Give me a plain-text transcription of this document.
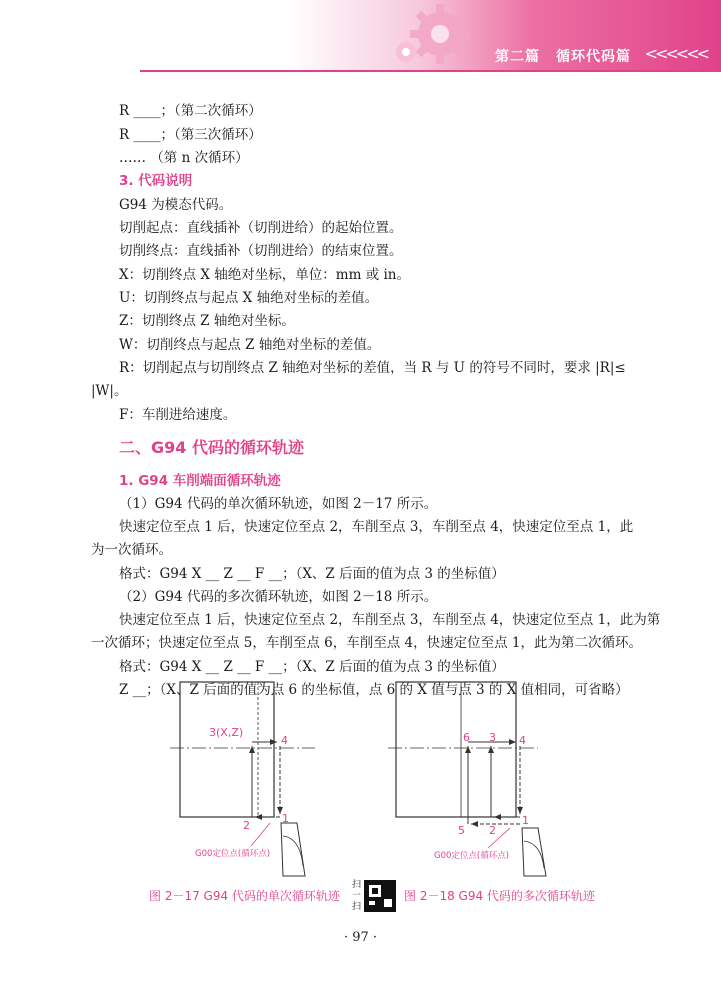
第二篇 循环代码篇 <<<<<<
R ____；（第二次循环）
R ____；（第三次循环）
…… （第 n 次循环）
3. 代码说明
G94 为模态代码。
切削起点：直线插补（切削进给）的起始位置。
切削终点：直线插补（切削进给）的结束位置。
X：切削终点 X 轴绝对坐标，单位：mm 或 in。
U：切削终点与起点 X 轴绝对坐标的差值。
Z：切削终点 Z 轴绝对坐标。
W：切削终点与起点 Z 轴绝对坐标的差值。
R：切削起点与切削终点 Z 轴绝对坐标的差值，当 R 与 U 的符号不同时，要求 |R|≤
|W|。
F：车削进给速度。
二、G94 代码的循环轨迹
1. G94 车削端面循环轨迹
（1）G94 代码的单次循环轨迹，如图 2－17 所示。
快速定位至点 1 后，快速定位至点 2，车削至点 3，车削至点 4，快速定位至点 1，此
为一次循环。
格式：G94 X __ Z __ F __；（X、Z 后面的值为点 3 的坐标值）
（2）G94 代码的多次循环轨迹，如图 2－18 所示。
快速定位至点 1 后，快速定位至点 2，车削至点 3，车削至点 4，快速定位至点 1，此为第
一次循环；快速定位至点 5，车削至点 6，车削至点 4，快速定位至点 1，此为第二次循环。
格式：G94 X __ Z __ F __；（X、Z 后面的值为点 3 的坐标值）
Z __；（X、Z 后面的值为点 6 的坐标值，点 6 的 X 值与点 3 的 X 值相同，可省略）
3(X,Z)
4
2
1
G00定位点(循环点)
6 3 4
5 2
1
G00定位点(循环点)
图 2－17 G94 代码的单次循环轨迹	图 2－18 G94 代码的多次循环轨迹
扫一扫
· 97 ·
